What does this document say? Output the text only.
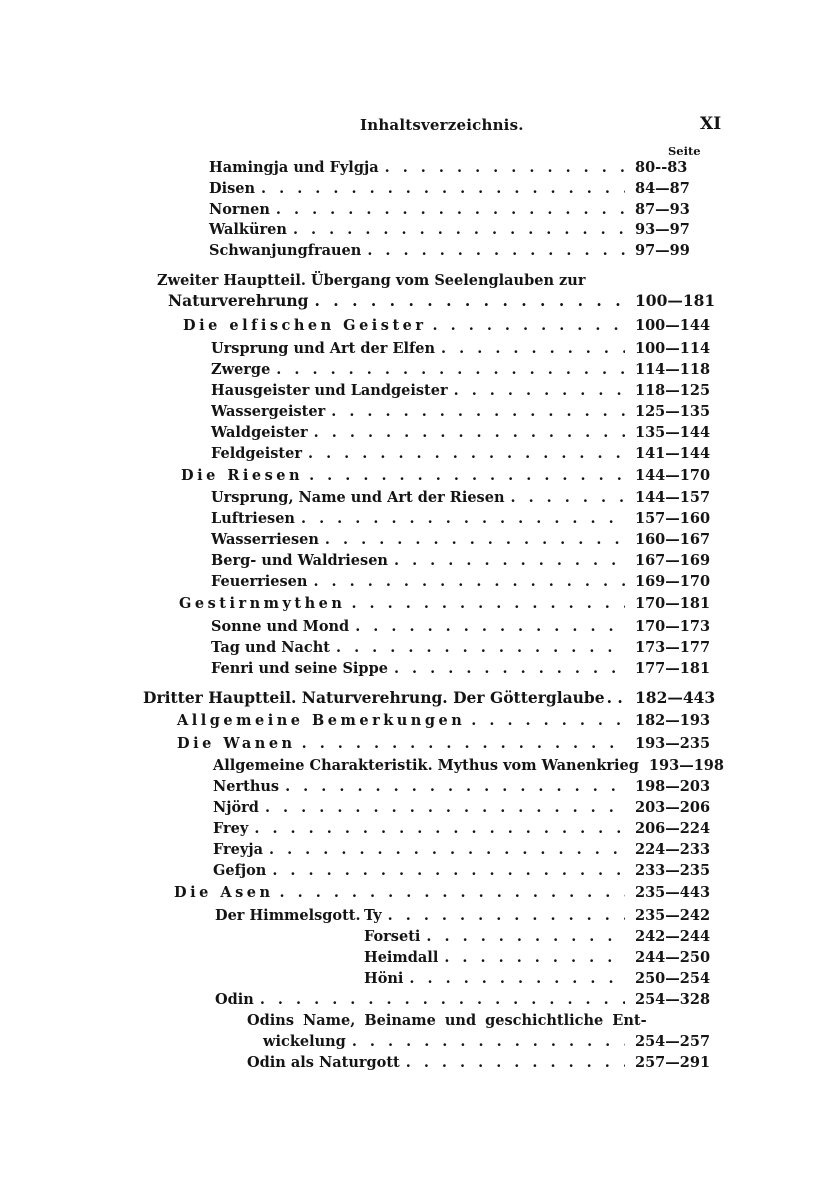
Inhaltsverzeichnis.	XI
Seite
Hamingja und Fylgja . . .	80--83
Disen . . .	84—87
Nornen . . .	87—93
Walküren . . .	93—97
Schwanjungfrauen . . .	97—99
Zweiter Hauptteil. Übergang vom Seelenglauben zur
Naturverehrung . . .	100—181
Die elfischen Geister . . .	100—144
Ursprung und Art der Elfen . . .	100—114
Zwerge . . .	114—118
Hausgeister und Landgeister . . .	118—125
Wassergeister . . .	125—135
Waldgeister . . .	135—144
Feldgeister . . .	141—144
Die Riesen . . .	144—170
Ursprung, Name und Art der Riesen . . .	144—157
Luftriesen . . .	157—160
Wasserriesen . . .	160—167
Berg- und Waldriesen . . .	167—169
Feuerriesen . . .	169—170
Gestirnmythen . . .	170—181
Sonne und Mond . . .	170—173
Tag und Nacht . . .	173—177
Fenri und seine Sippe . . .	177—181
Dritter Hauptteil. Naturverehrung. Der Götterglaube . . .	182—443
Allgemeine Bemerkungen . . .	182—193
Die Wanen . . .	193—235
Allgemeine Charakteristik. Mythus vom Wanenkrieg 193—198
Nerthus . . .	198—203
Njörd . . .	203—206
Frey . . .	206—224
Freyja . . .	224—233
Gefjon . . .	233—235
Die Asen . . .	235—443
Der Himmelsgott. Ty . . .	235—242
Forseti . . .	242—244
Heimdall . . .	244—250
Höni . . .	250—254
Odin . . .	254—328
Odins Name, Beiname und geschichtliche Ent-
wickelung . . .	254—257
Odin als Naturgott . . .	257—291
